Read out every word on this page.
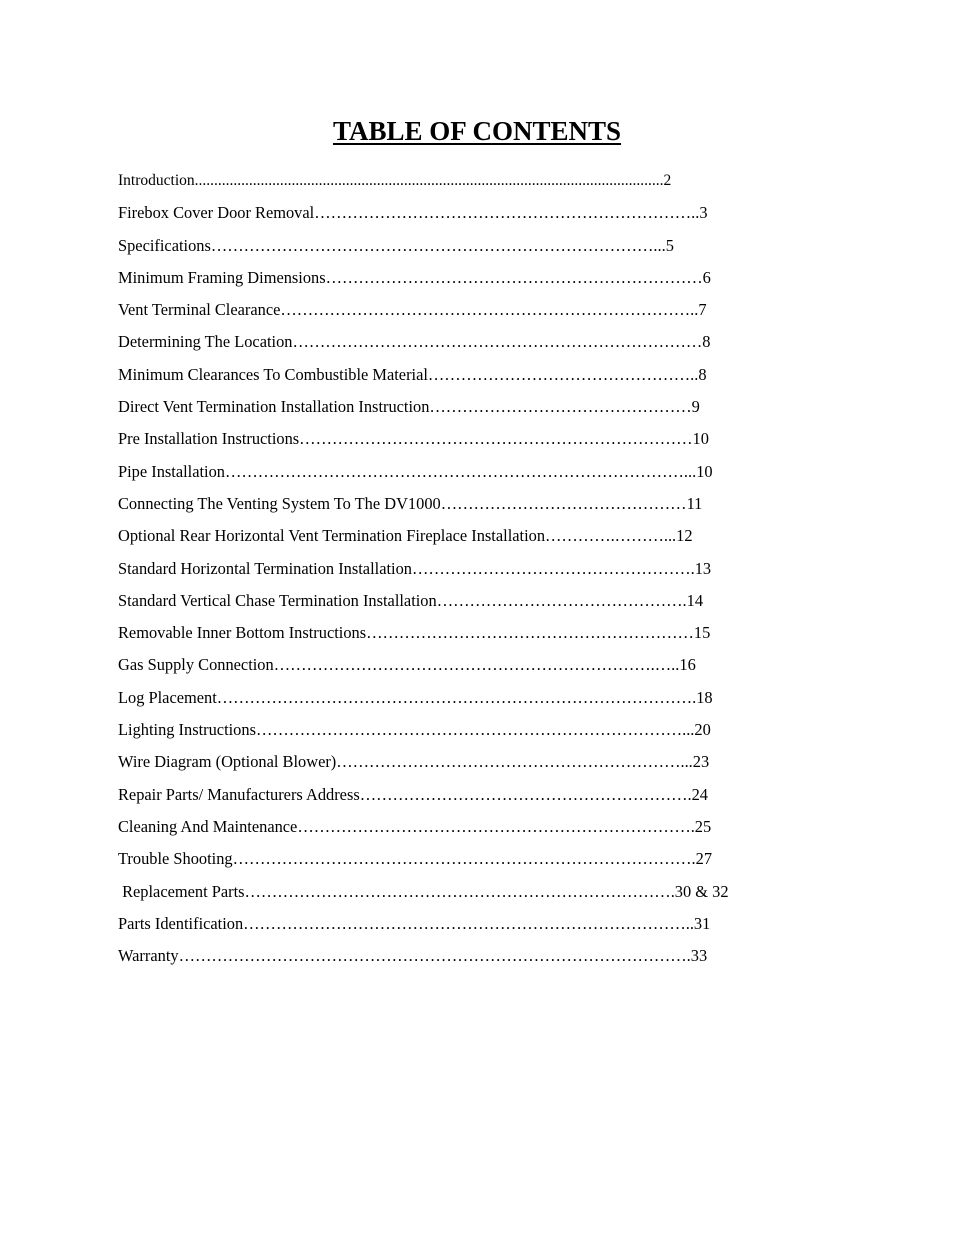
TABLE OF CONTENTS
Introduction.........................................................................................................................2
Firebox Cover Door Removal……………………………………………………………..3
Specifications………………………………………………………………………...5
Minimum Framing Dimensions……………………………………………………………6
Vent Terminal Clearance…………………………………………………………………..7
Determining The Location…………………………………………………………………8
Minimum Clearances To Combustible Material…………………………………………..8
Direct Vent Termination Installation Instruction…………………………………………9
Pre Installation Instructions………………………………………………………………10
Pipe Installation…………………………………………………………………………...10
Connecting The Venting System To The DV1000………………………………………11
Optional Rear Horizontal Vent Termination Fireplace Installation………….………...12
Standard Horizontal Termination Installation…………………………………………….13
Standard Vertical Chase Termination Installation……………………………………….14
Removable Inner Bottom Instructions……………………………………………………15
Gas Supply Connection…………………………………………………………….…..16
Log Placement…………………………………………………………………………….18
Lighting Instructions……………………………………………………………………...20
Wire Diagram (Optional Blower)………………………………………………………...23
Repair Parts/ Manufacturers Address…………………………………………………….24
Cleaning And Maintenance……………………………………………………………….25
Trouble Shooting………………………………………………………………………….27
Replacement Parts…………………………………………………………………….30 & 32
Parts Identification………………………………………………………………………..31
Warranty………………………………………………………………………………….33
